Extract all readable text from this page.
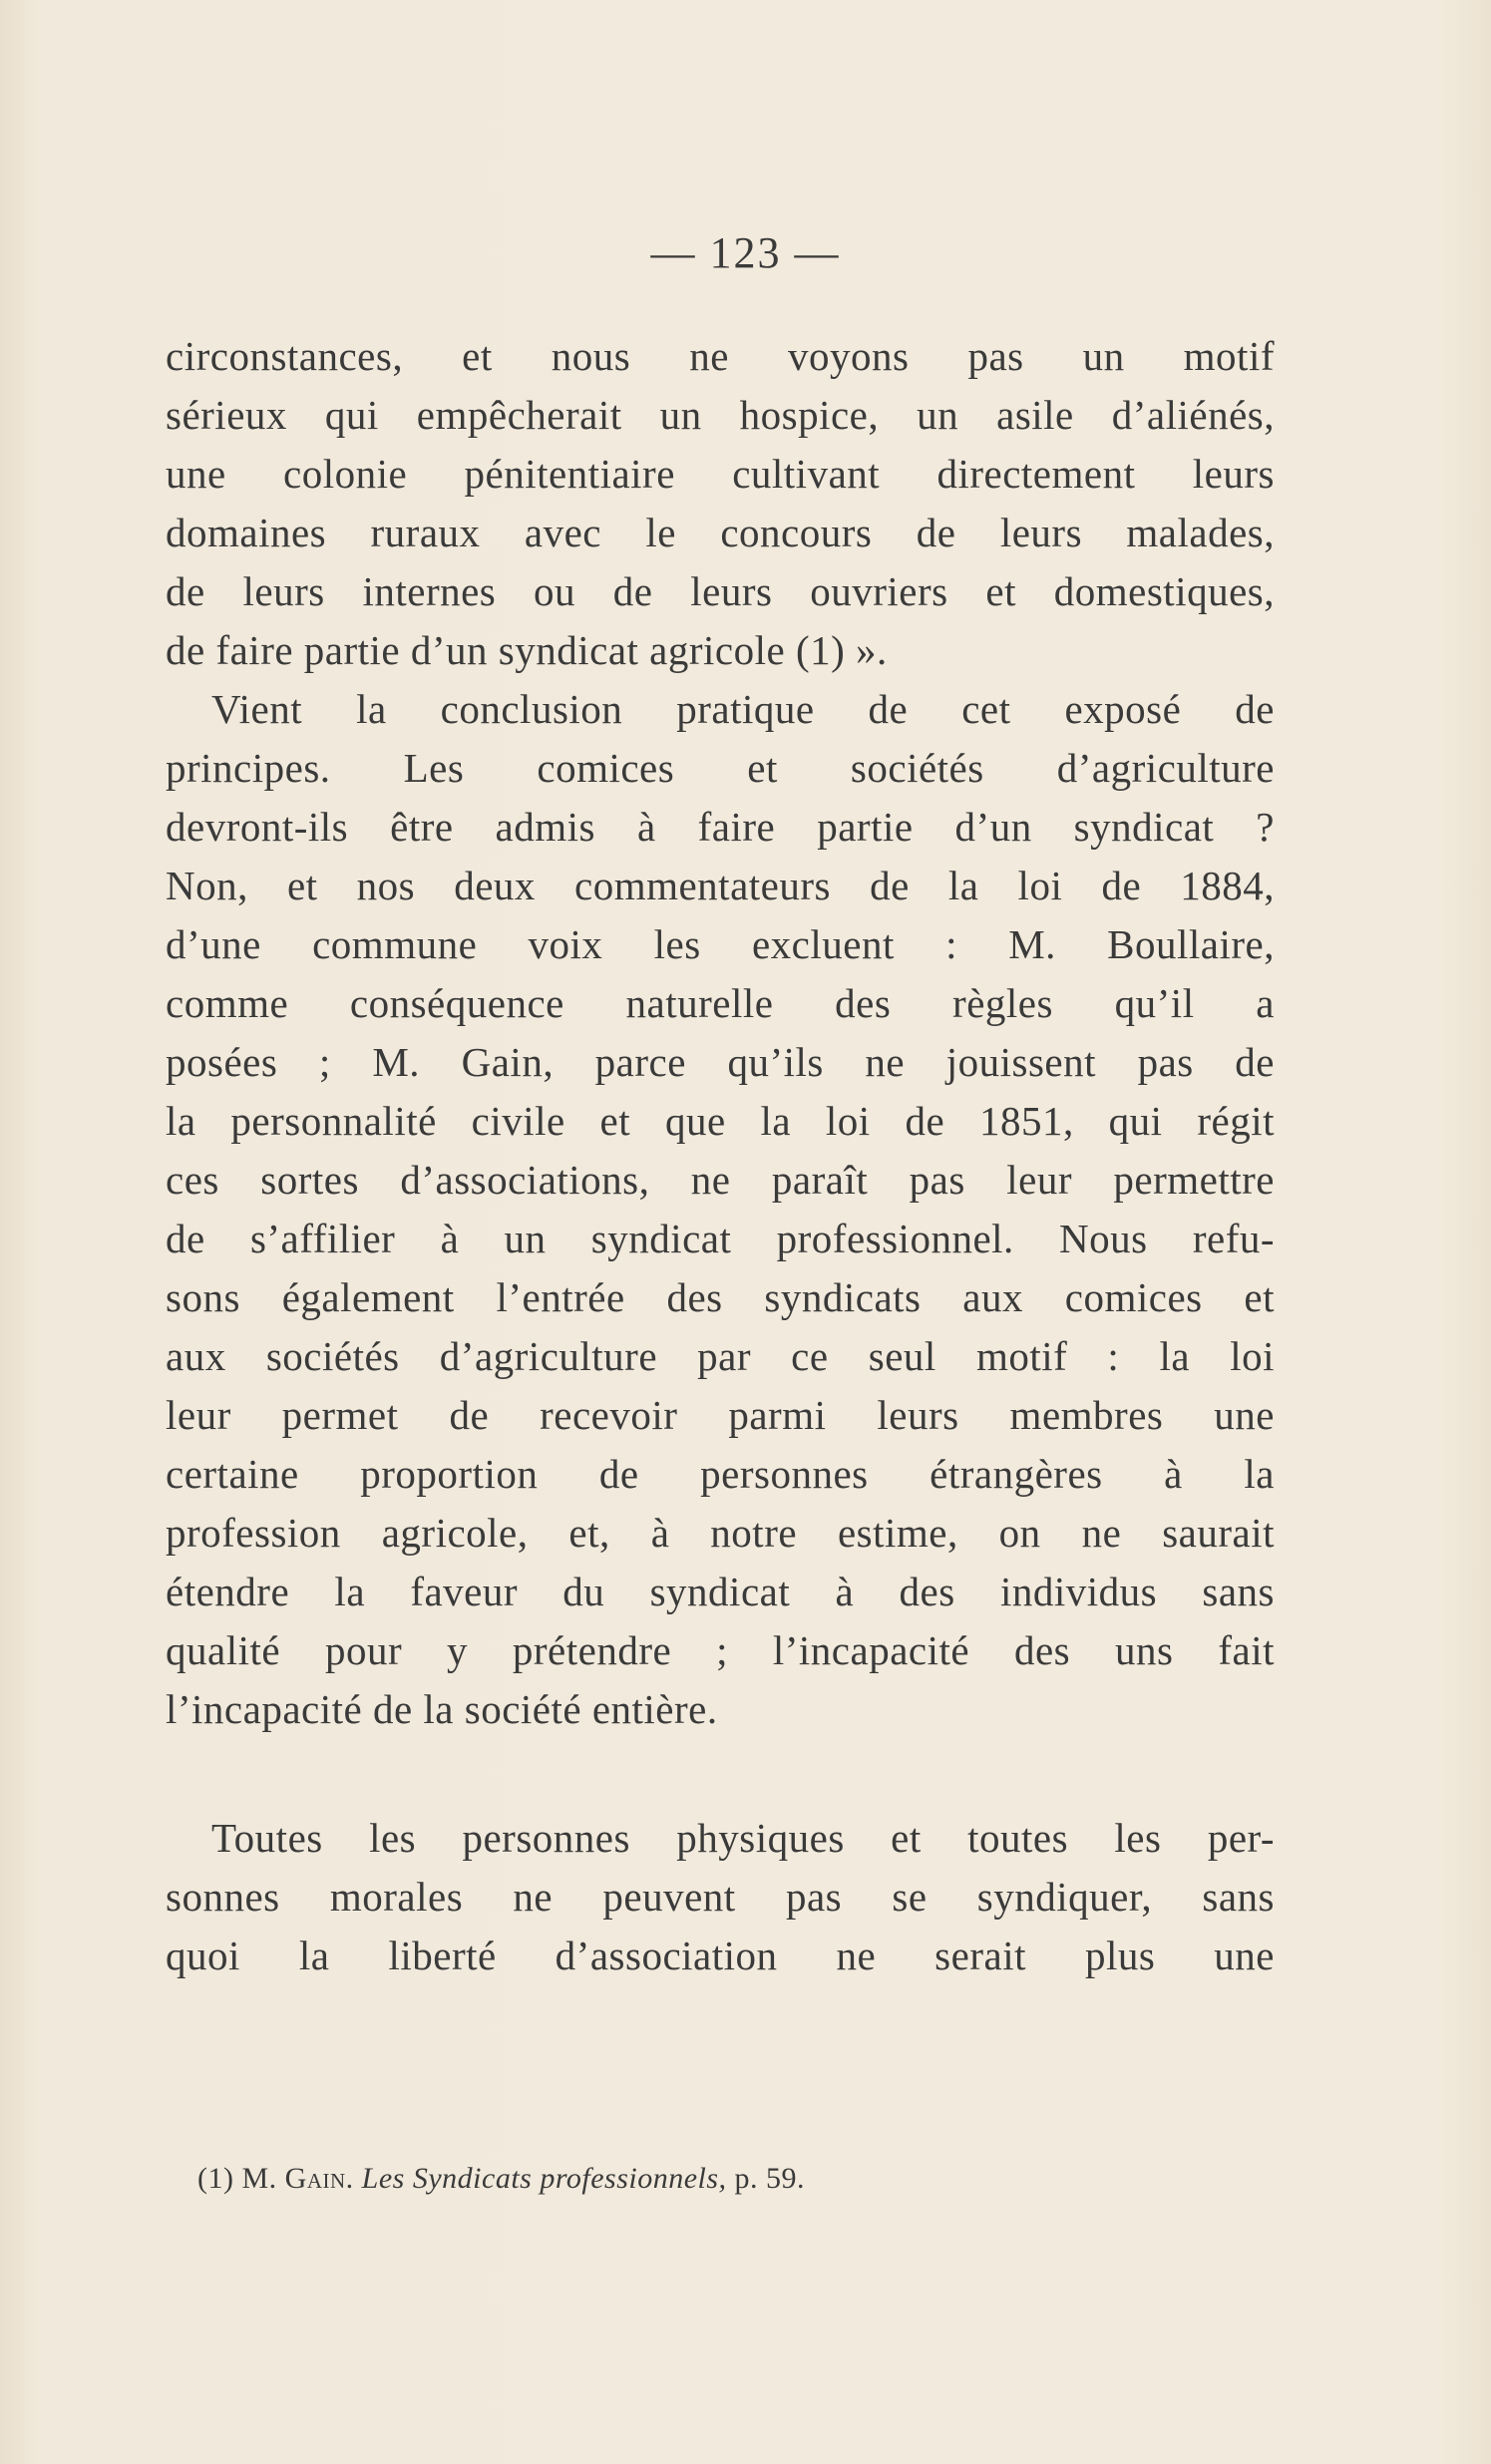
— 123 —
circonstances, et nous ne voyons pas un motif
sérieux qui empêcherait un hospice, un asile d’aliénés,
une colonie pénitentiaire cultivant directement leurs
domaines ruraux avec le concours de leurs malades,
de leurs internes ou de leurs ouvriers et domestiques,
de faire partie d’un syndicat agricole (1) ».
Vient la conclusion pratique de cet exposé de
principes. Les comices et sociétés d’agriculture
devront-ils être admis à faire partie d’un syndicat ?
Non, et nos deux commentateurs de la loi de 1884,
d’une commune voix les excluent : M. Boullaire,
comme conséquence naturelle des règles qu’il a
posées ; M. Gain, parce qu’ils ne jouissent pas de
la personnalité civile et que la loi de 1851, qui régit
ces sortes d’associations, ne paraît pas leur permettre
de s’affilier à un syndicat professionnel. Nous refu-
sons également l’entrée des syndicats aux comices et
aux sociétés d’agriculture par ce seul motif : la loi
leur permet de recevoir parmi leurs membres une
certaine proportion de personnes étrangères à la
profession agricole, et, à notre estime, on ne saurait
étendre la faveur du syndicat à des individus sans
qualité pour y prétendre ; l’incapacité des uns fait
l’incapacité de la société entière.
Toutes les personnes physiques et toutes les per-
sonnes morales ne peuvent pas se syndiquer, sans
quoi la liberté d’association ne serait plus une
(1) M. Gain. Les Syndicats professionnels, p. 59.
